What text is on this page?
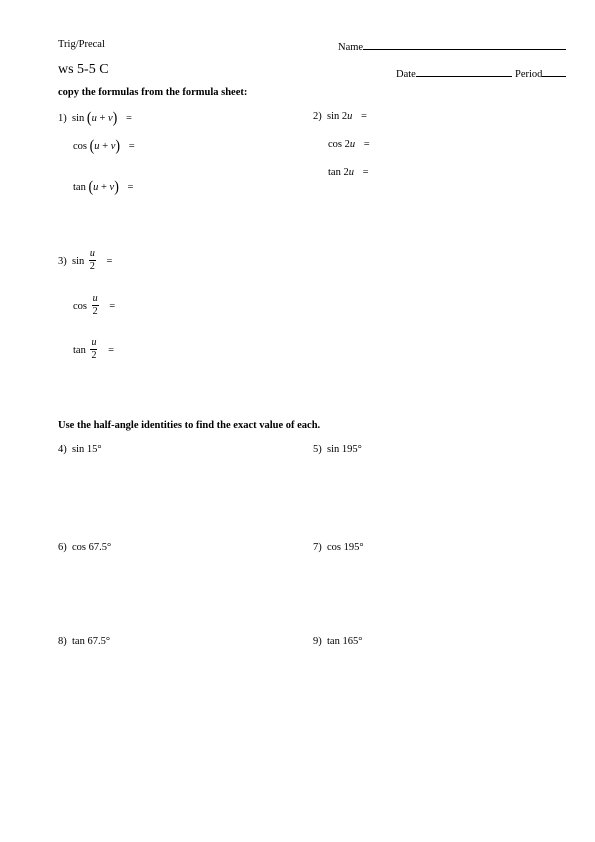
Trig/Precal	Name
ws 5-5 C	Date	Period
copy the formulas from the formula sheet:
1) sin (u + v) =
cos (u + v) =
tan (u + v) =
2) sin 2u =
cos 2u =
tan 2u =
3) $\sin \frac{u}{2}$ =
$\cos \frac{u}{2}$ =
$\tan \frac{u}{2}$ =
Use the half-angle identities to find the exact value of each.
4) sin 15°	5) sin 195°
6) cos 67.5°	7) cos 195°
8) tan 67.5°	9) tan 165°
